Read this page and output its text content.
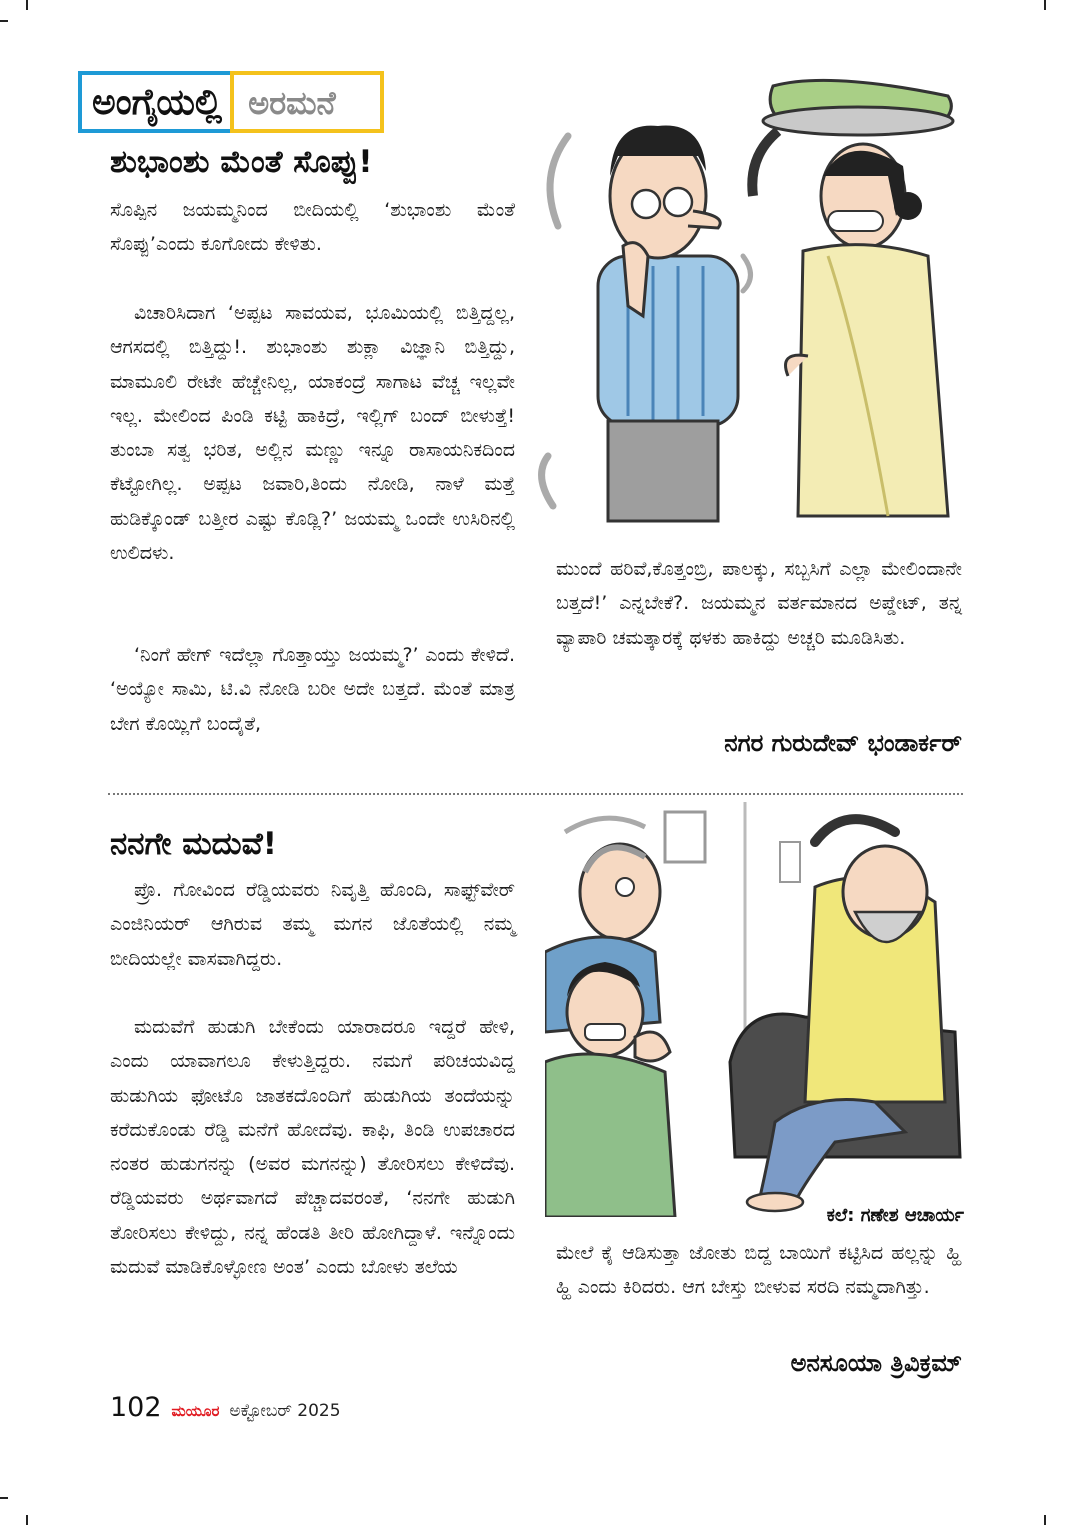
ಅಂಗೈಯಲ್ಲಿ ಅರಮನೆ
ಶುಭಾಂಶು ಮೆಂತೆ ಸೊಪ್ಪು!

ಸೊಪ್ಪಿನ ಜಯಮ್ಮನಿಂದ ಬೀದಿಯಲ್ಲಿ ‘ಶುಭಾಂಶು ಮೆಂತೆ ಸೊಪ್ಪು’ಎಂದು ಕೂಗೋದು ಕೇಳಿತು.

ವಿಚಾರಿಸಿದಾಗ ‘ಅಪ್ಪಟ ಸಾವಯವ, ಭೂಮಿಯಲ್ಲಿ ಬಿತ್ತಿದ್ದಲ್ಲ, ಆಗಸದಲ್ಲಿ ಬಿತ್ತಿದ್ದು!. ಶುಭಾಂಶು ಶುಕ್ಲಾ ವಿಜ್ಞಾನಿ ಬಿತ್ತಿದ್ದು, ಮಾಮೂಲಿ ರೇಟೇ ಹೆಚ್ಚೇನಿಲ್ಲ, ಯಾಕಂದ್ರೆ ಸಾಗಾಟ ವೆಚ್ಚ ಇಲ್ಲವೇ ಇಲ್ಲ. ಮೇಲಿಂದ ಪಿಂಡಿ ಕಟ್ಟಿ ಹಾಕಿದ್ರೆ, ಇಲ್ಲಿಗ್ ಬಂದ್ ಬೀಳುತ್ತೆ! ತುಂಬಾ ಸತ್ವ ಭರಿತ, ಅಲ್ಲಿನ ಮಣ್ಣು ಇನ್ನೂ ರಾಸಾಯನಿಕದಿಂದ ಕೆಟ್ಟೋಗಿಲ್ಲ. ಅಪ್ಪಟ ಜವಾರಿ,ತಿಂದು ನೋಡಿ, ನಾಳೆ ಮತ್ತೆ ಹುಡಿಕ್ಕೊಂಡ್ ಬತ್ತೀರ ಎಷ್ಟು ಕೊಡ್ಲಿ?’ ಜಯಮ್ಮ ಒಂದೇ ಉಸಿರಿನಲ್ಲಿ ಉಲಿದಳು.

‘ನಿಂಗೆ ಹೇಗ್ ಇದೆಲ್ಲಾ ಗೊತ್ತಾಯ್ತು ಜಯಮ್ಮ?’ ಎಂದು ಕೇಳಿದೆ. ‘ಅಯ್ಯೋ ಸಾಮಿ, ಟಿ.ವಿ ನೋಡಿ ಬರೀ ಅದೇ ಬತ್ತದೆ. ಮೆಂತೆ ಮಾತ್ರ ಬೇಗ ಕೊಯ್ಲಿಗೆ ಬಂದೈತೆ,

ಮುಂದೆ ಹರಿವೆ,ಕೊತ್ತಂಬ್ರಿ, ಪಾಲಕ್ಕು, ಸಬ್ಬಸಿಗೆ ಎಲ್ಲಾ ಮೇಲಿಂದಾನೇ ಬತ್ತದೆ!’ ಎನ್ನಬೇಕೆ?. ಜಯಮ್ಮನ ವರ್ತಮಾನದ ಅಪ್ಡೇಟ್, ತನ್ನ ವ್ಯಾಪಾರಿ ಚಮತ್ಕಾರಕ್ಕೆ ಥಳಕು ಹಾಕಿದ್ದು ಅಚ್ಚರಿ ಮೂಡಿಸಿತು.

ನಗರ ಗುರುದೇವ್ ಭಂಡಾರ್ಕರ್
ನನಗೇ ಮದುವೆ!

ಪ್ರೊ. ಗೋವಿಂದ ರೆಡ್ಡಿಯವರು ನಿವೃತ್ತಿ ಹೊಂದಿ, ಸಾಫ್ಟ್‌ವೇರ್ ಎಂಜಿನಿಯರ್ ಆಗಿರುವ ತಮ್ಮ ಮಗನ ಜೊತೆಯಲ್ಲಿ ನಮ್ಮ ಬೀದಿಯಲ್ಲೇ ವಾಸವಾಗಿದ್ದರು.

ಮದುವೆಗೆ ಹುಡುಗಿ ಬೇಕೆಂದು ಯಾರಾದರೂ ಇದ್ದರೆ ಹೇಳಿ, ಎಂದು ಯಾವಾಗಲೂ ಕೇಳುತ್ತಿದ್ದರು. ನಮಗೆ ಪರಿಚಯವಿದ್ದ ಹುಡುಗಿಯ ಫೋಟೊ ಜಾತಕದೊಂದಿಗೆ ಹುಡುಗಿಯ ತಂದೆಯನ್ನು ಕರೆದುಕೊಂಡು ರೆಡ್ಡಿ ಮನೆಗೆ ಹೋದೆವು. ಕಾಫಿ, ತಿಂಡಿ ಉಪಚಾರದ ನಂತರ ಹುಡುಗನನ್ನು (ಅವರ ಮಗನನ್ನು) ತೋರಿಸಲು ಕೇಳಿದೆವು. ರೆಡ್ಡಿಯವರು ಅರ್ಥವಾಗದೆ ಪೆಚ್ಚಾದವರಂತೆ, ‘ನನಗೇ ಹುಡುಗಿ ತೋರಿಸಲು ಕೇಳಿದ್ದು, ನನ್ನ ಹೆಂಡತಿ ತೀರಿ ಹೋಗಿದ್ದಾಳೆ. ಇನ್ನೊಂದು ಮದುವೆ ಮಾಡಿಕೊಳ್ಳೋಣ ಅಂತ’ ಎಂದು ಬೋಳು ತಲೆಯ

ಕಲೆ: ಗಣೇಶ ಆಚಾರ್ಯ

ಮೇಲೆ ಕೈ ಆಡಿಸುತ್ತಾ ಜೋತು ಬಿದ್ದ ಬಾಯಿಗೆ ಕಟ್ಟಿಸಿದ ಹಲ್ಲನ್ನು ಹ್ಹಿ ಹ್ಹಿ ಎಂದು ಕಿರಿದರು. ಆಗ ಬೇಸ್ತು ಬೀಳುವ ಸರದಿ ನಮ್ಮದಾಗಿತ್ತು.

ಅನಸೂಯಾ ತ್ರಿವಿಕ್ರಮ್
102 ಮಯೂರ ಅಕ್ಟೋಬರ್ 2025
